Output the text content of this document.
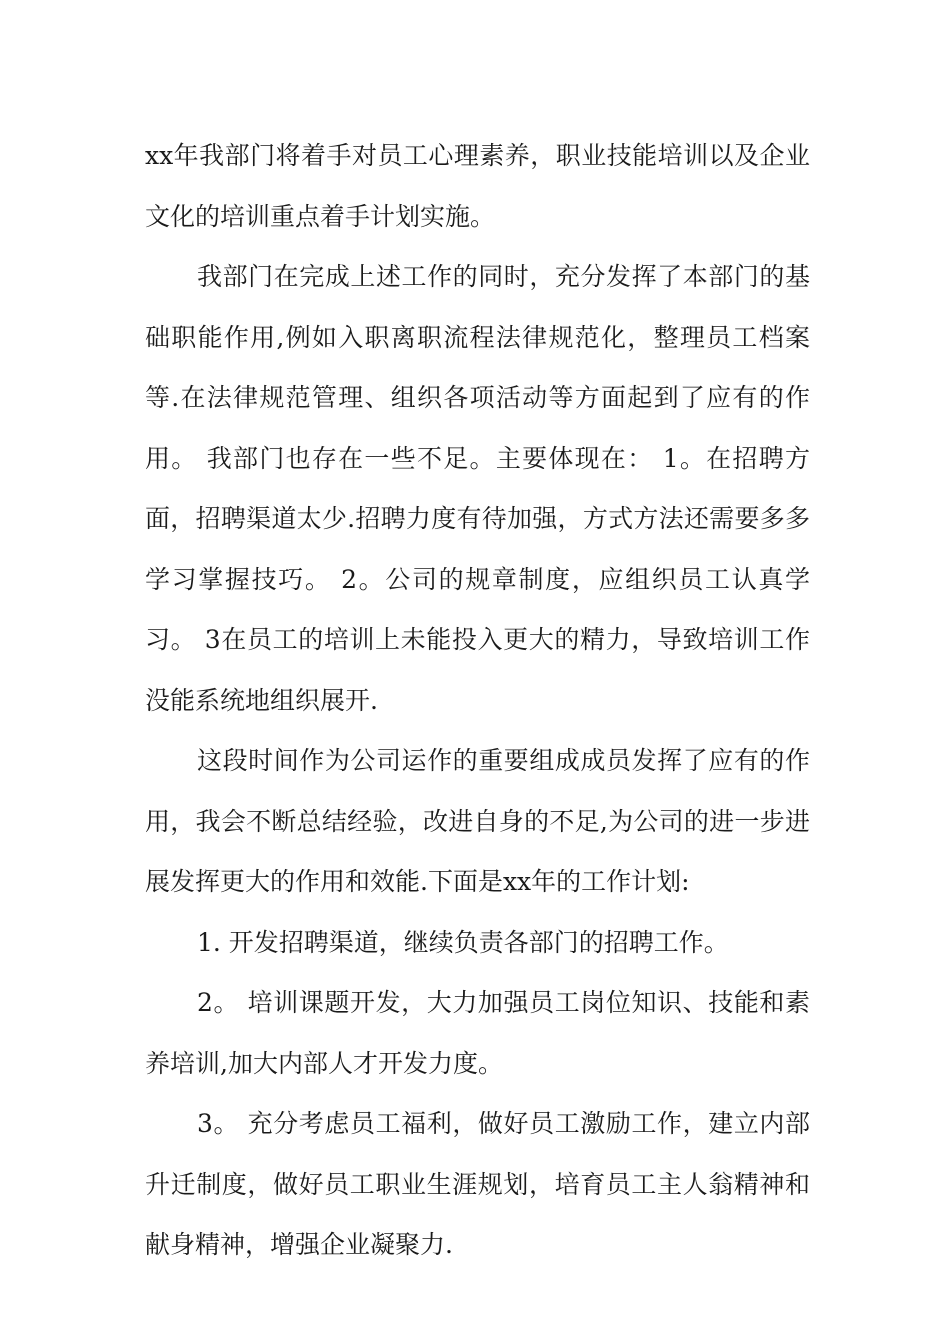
xx年我部门将着手对员工心理素养，职业技能培训以及企业文化的培训重点着手计划实施。

我部门在完成上述工作的同时，充分发挥了本部门的基础职能作用,例如入职离职流程法律规范化，整理员工档案等.在法律规范管理、组织各项活动等方面起到了应有的作用。 我部门也存在一些不足。主要体现在： 1。在招聘方面，招聘渠道太少.招聘力度有待加强，方式方法还需要多多学习掌握技巧。 2。公司的规章制度，应组织员工认真学习。 3在员工的培训上未能投入更大的精力，导致培训工作没能系统地组织展开.

这段时间作为公司运作的重要组成成员发挥了应有的作用，我会不断总结经验，改进自身的不足,为公司的进一步进展发挥更大的作用和效能.下面是xx年的工作计划:

1. 开发招聘渠道，继续负责各部门的招聘工作。

2。 培训课题开发，大力加强员工岗位知识、技能和素养培训,加大内部人才开发力度。

3。 充分考虑员工福利，做好员工激励工作，建立内部升迁制度，做好员工职业生涯规划，培育员工主人翁精神和献身精神，增强企业凝聚力.
